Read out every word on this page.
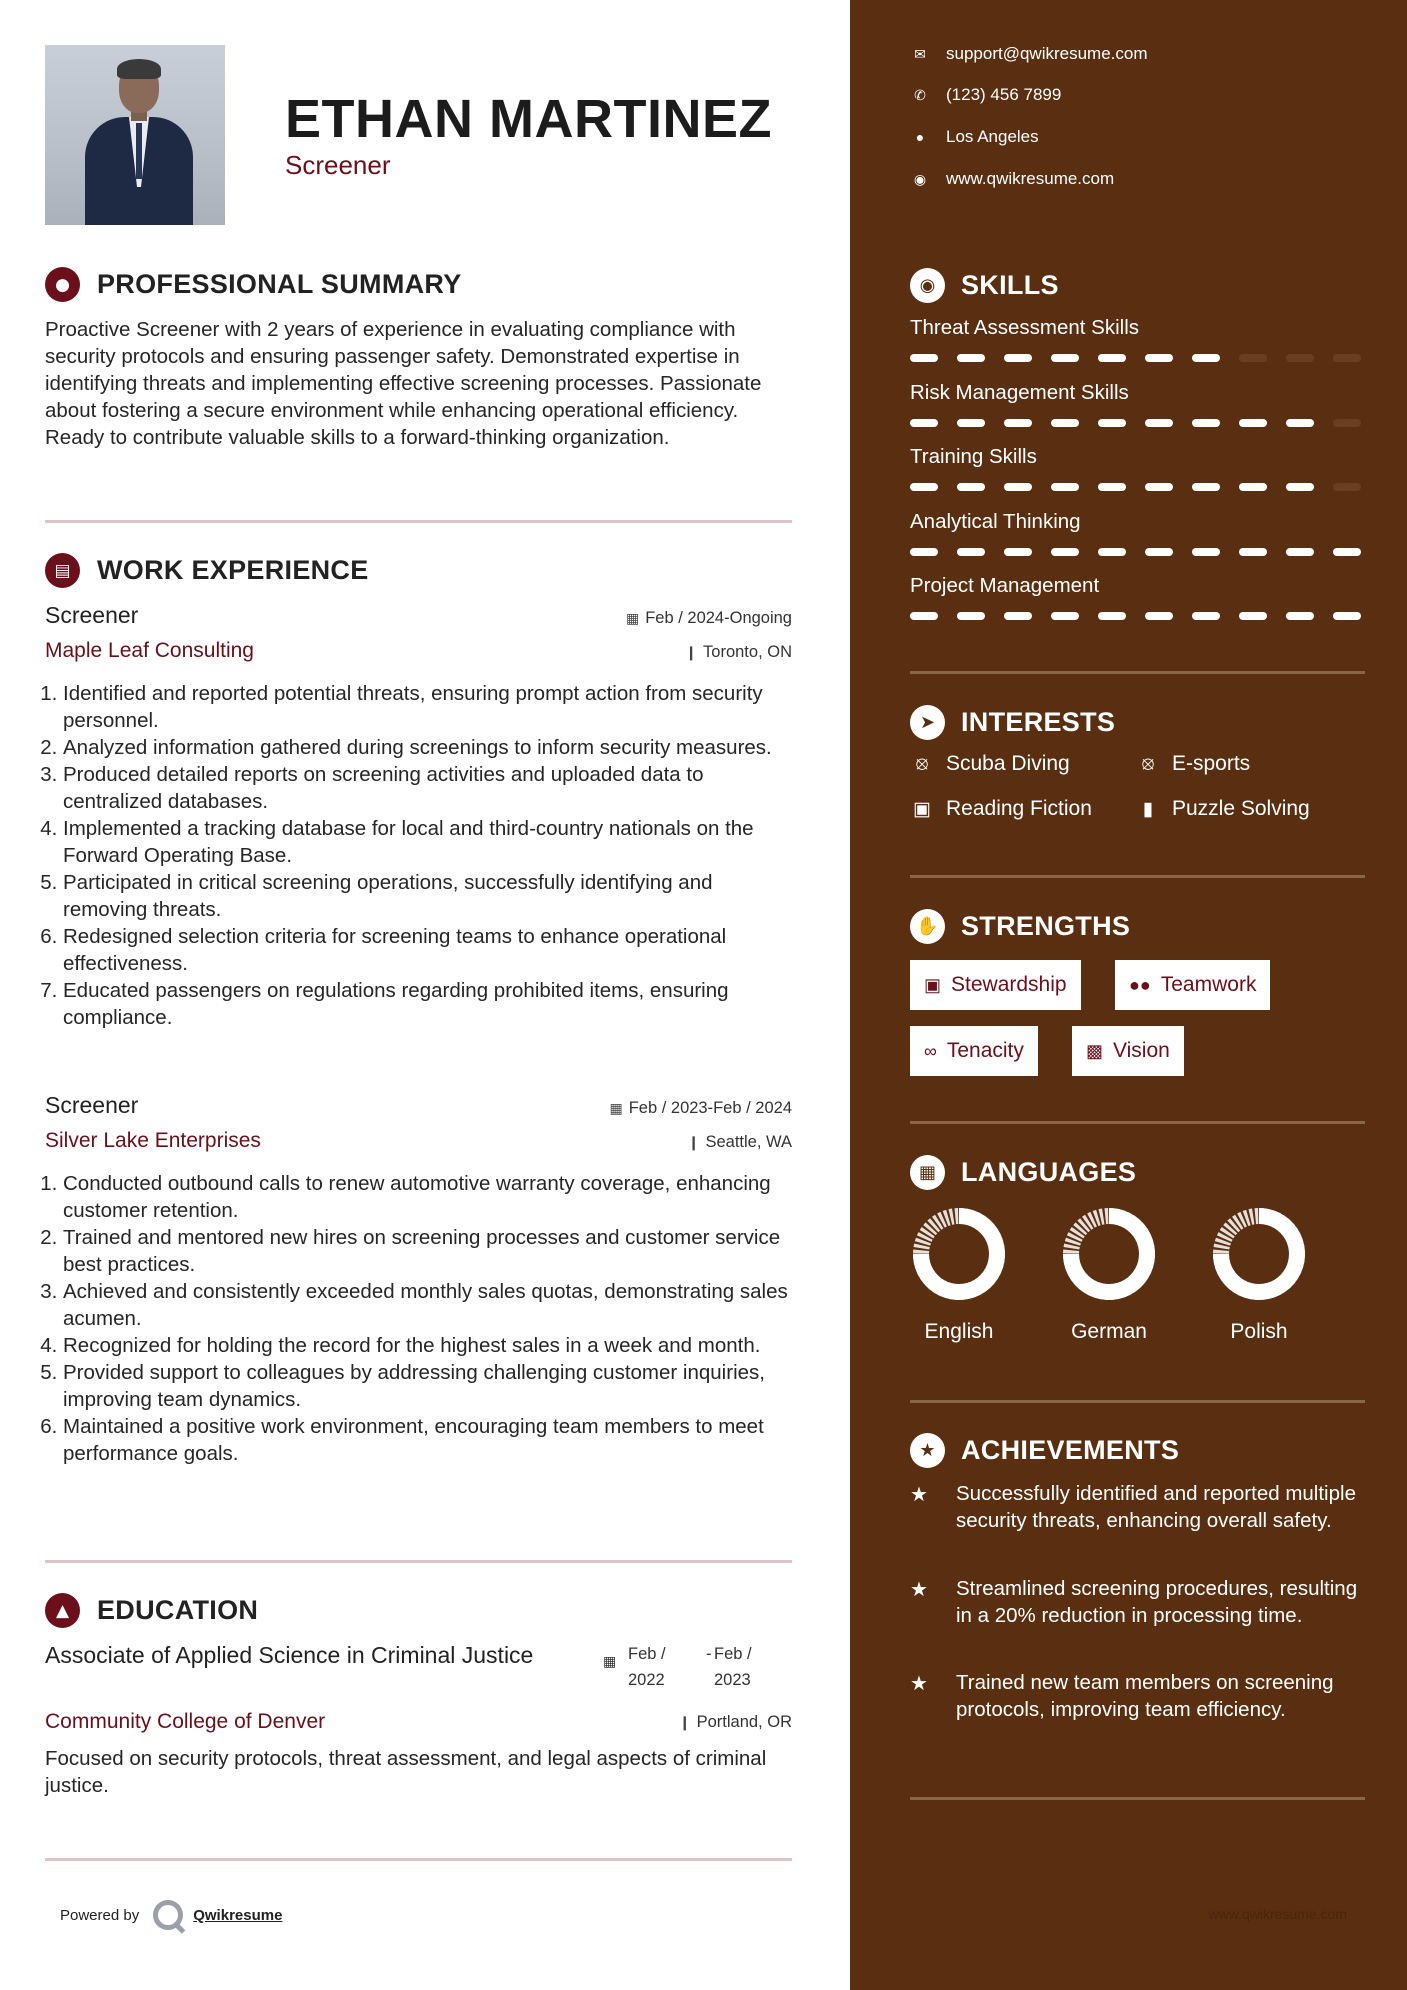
ETHAN MARTINEZ
Screener
●	PROFESSIONAL SUMMARY
Proactive Screener with 2 years of experience in evaluating compliance with security protocols and ensuring passenger safety. Demonstrated expertise in identifying threats and implementing effective screening processes. Passionate about fostering a secure environment while enhancing operational efficiency. Ready to contribute valuable skills to a forward-thinking organization.
▤ WORK EXPERIENCE
Screener	▦ Feb / 2024-Ongoing
Maple Leaf Consulting	❙ Toronto, ON
1. Identified and reported potential threats, ensuring prompt action from security personnel.
2. Analyzed information gathered during screenings to inform security measures.
3. Produced detailed reports on screening activities and uploaded data to centralized databases.
4. Implemented a tracking database for local and third-country nationals on the Forward Operating Base.
5. Participated in critical screening operations, successfully identifying and removing threats.
6. Redesigned selection criteria for screening teams to enhance operational effectiveness.
7. Educated passengers on regulations regarding prohibited items, ensuring compliance.
Screener	▦ Feb / 2023-Feb / 2024
Silver Lake Enterprises	❙ Seattle, WA
1. Conducted outbound calls to renew automotive warranty coverage, enhancing customer retention.
2. Trained and mentored new hires on screening processes and customer service best practices.
3. Achieved and consistently exceeded monthly sales quotas, demonstrating sales acumen.
4. Recognized for holding the record for the highest sales in a week and month.
5. Provided support to colleagues by addressing challenging customer inquiries, improving team dynamics.
6. Maintained a positive work environment, encouraging team members to meet performance goals.
▲	EDUCATION
Associate of Applied Science in Criminal Justice	▦ Feb / 2022
- Feb / 2023
Community College of Denver	❙ Portland, OR
Focused on security protocols, threat assessment, and legal aspects of criminal justice.
Powered by	Qwikresume
✉ support@qwikresume.com
✆ (123) 456 7899
●	Los Angeles
◉ www.qwikresume.com
◉ SKILLS
Threat Assessment Skills
Risk Management Skills
Training Skills
Analytical Thinking
Project Management
➤ INTERESTS
⦻ Scuba Diving	⦻ E-sports
▣ Reading Fiction	▮ Puzzle Solving
✋ STRENGTHS
▣ Stewardship	●● Teamwork
∞ Tenacity	▩ Vision
▦ LANGUAGES
English	German	Polish
★ ACHIEVEMENTS
★	Successfully identified and reported multiple security threats, enhancing overall safety.
★	Streamlined screening procedures, resulting in a 20% reduction in processing time.
★	Trained new team members on screening protocols, improving team efficiency.
www.qwikresume.com
